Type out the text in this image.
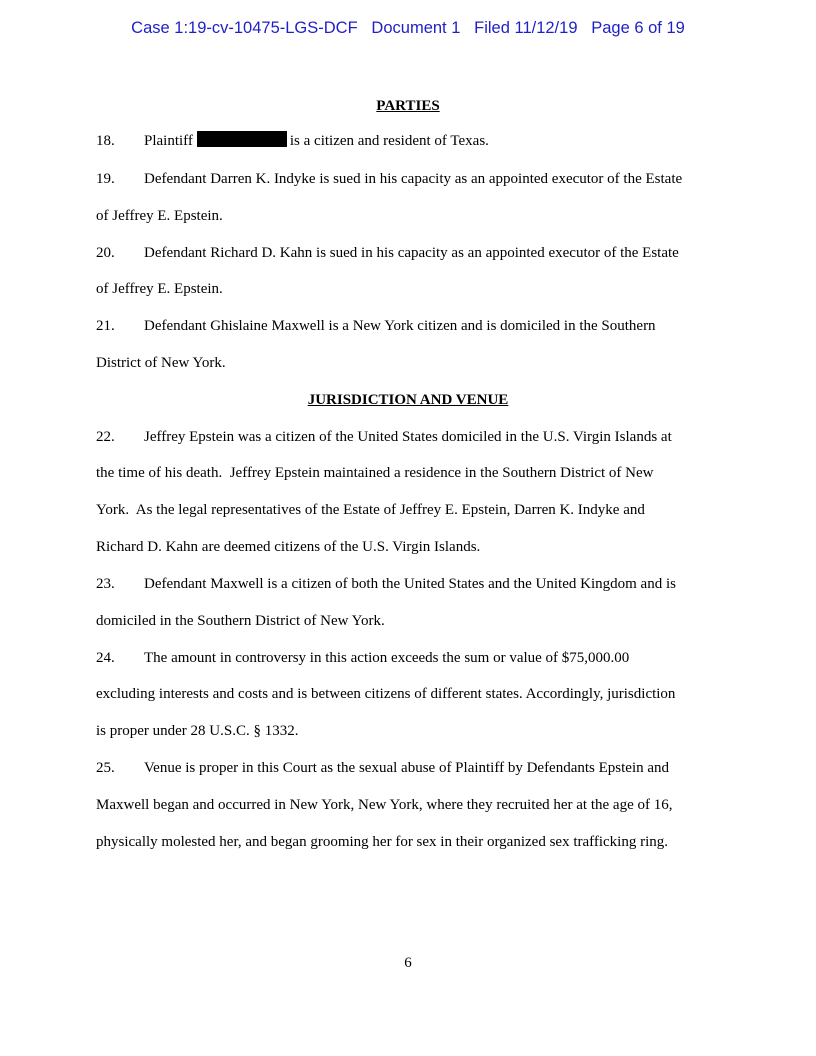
Case 1:19-cv-10475-LGS-DCF   Document 1   Filed 11/12/19   Page 6 of 19
PARTIES
18. Plaintiff	is a citizen and resident of Texas.
19. Defendant Darren K. Indyke is sued in his capacity as an appointed executor of the Estate
of Jeffrey E. Epstein.
20. Defendant Richard D. Kahn is sued in his capacity as an appointed executor of the Estate
of Jeffrey E. Epstein.
21. Defendant Ghislaine Maxwell is a New York citizen and is domiciled in the Southern
District of New York.
JURISDICTION AND VENUE
22. Jeffrey Epstein was a citizen of the United States domiciled in the U.S. Virgin Islands at
the time of his death.  Jeffrey Epstein maintained a residence in the Southern District of New
York.  As the legal representatives of the Estate of Jeffrey E. Epstein, Darren K. Indyke and
Richard D. Kahn are deemed citizens of the U.S. Virgin Islands.
23. Defendant Maxwell is a citizen of both the United States and the United Kingdom and is
domiciled in the Southern District of New York.
24. The amount in controversy in this action exceeds the sum or value of $75,000.00
excluding interests and costs and is between citizens of different states. Accordingly, jurisdiction
is proper under 28 U.S.C. § 1332.
25. Venue is proper in this Court as the sexual abuse of Plaintiff by Defendants Epstein and
Maxwell began and occurred in New York, New York, where they recruited her at the age of 16,
physically molested her, and began grooming her for sex in their organized sex trafficking ring.
6
